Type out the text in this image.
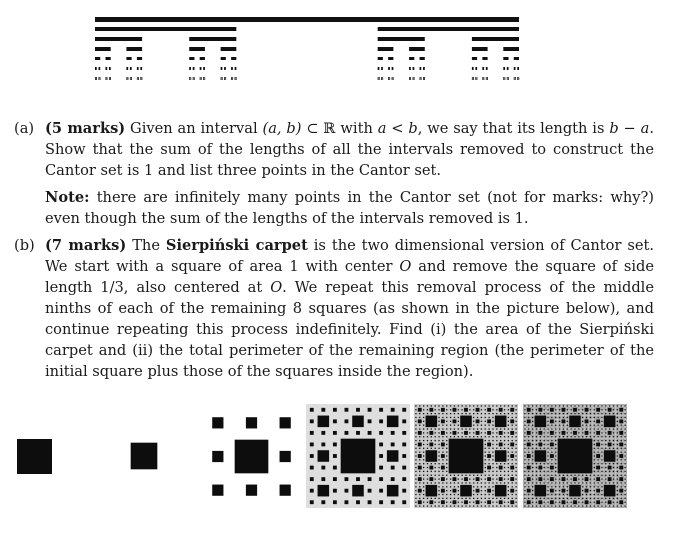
(a) (5 marks) Given an interval (a, b) ⊂ ℝ with a < b, we say that its length is b − a. Show that the sum of the lengths of all the intervals removed to construct the Cantor set is 1 and list three points in the Cantor set.

Note: there are infinitely many points in the Cantor set (not for marks: why?) even though the sum of the lengths of the intervals removed is 1.

(b) (7 marks) The Sierpiński carpet is the two dimensional version of Cantor set. We start with a square of area 1 with center O and remove the square of side length 1/3, also centered at O. We repeat this removal process of the middle ninths of each of the remaining 8 squares (as shown in the picture below), and continue repeating this process indefinitely. Find (i) the area of the Sierpiński carpet and (ii) the total perimeter of the remaining region (the perimeter of the initial square plus those of the squares inside the region).
